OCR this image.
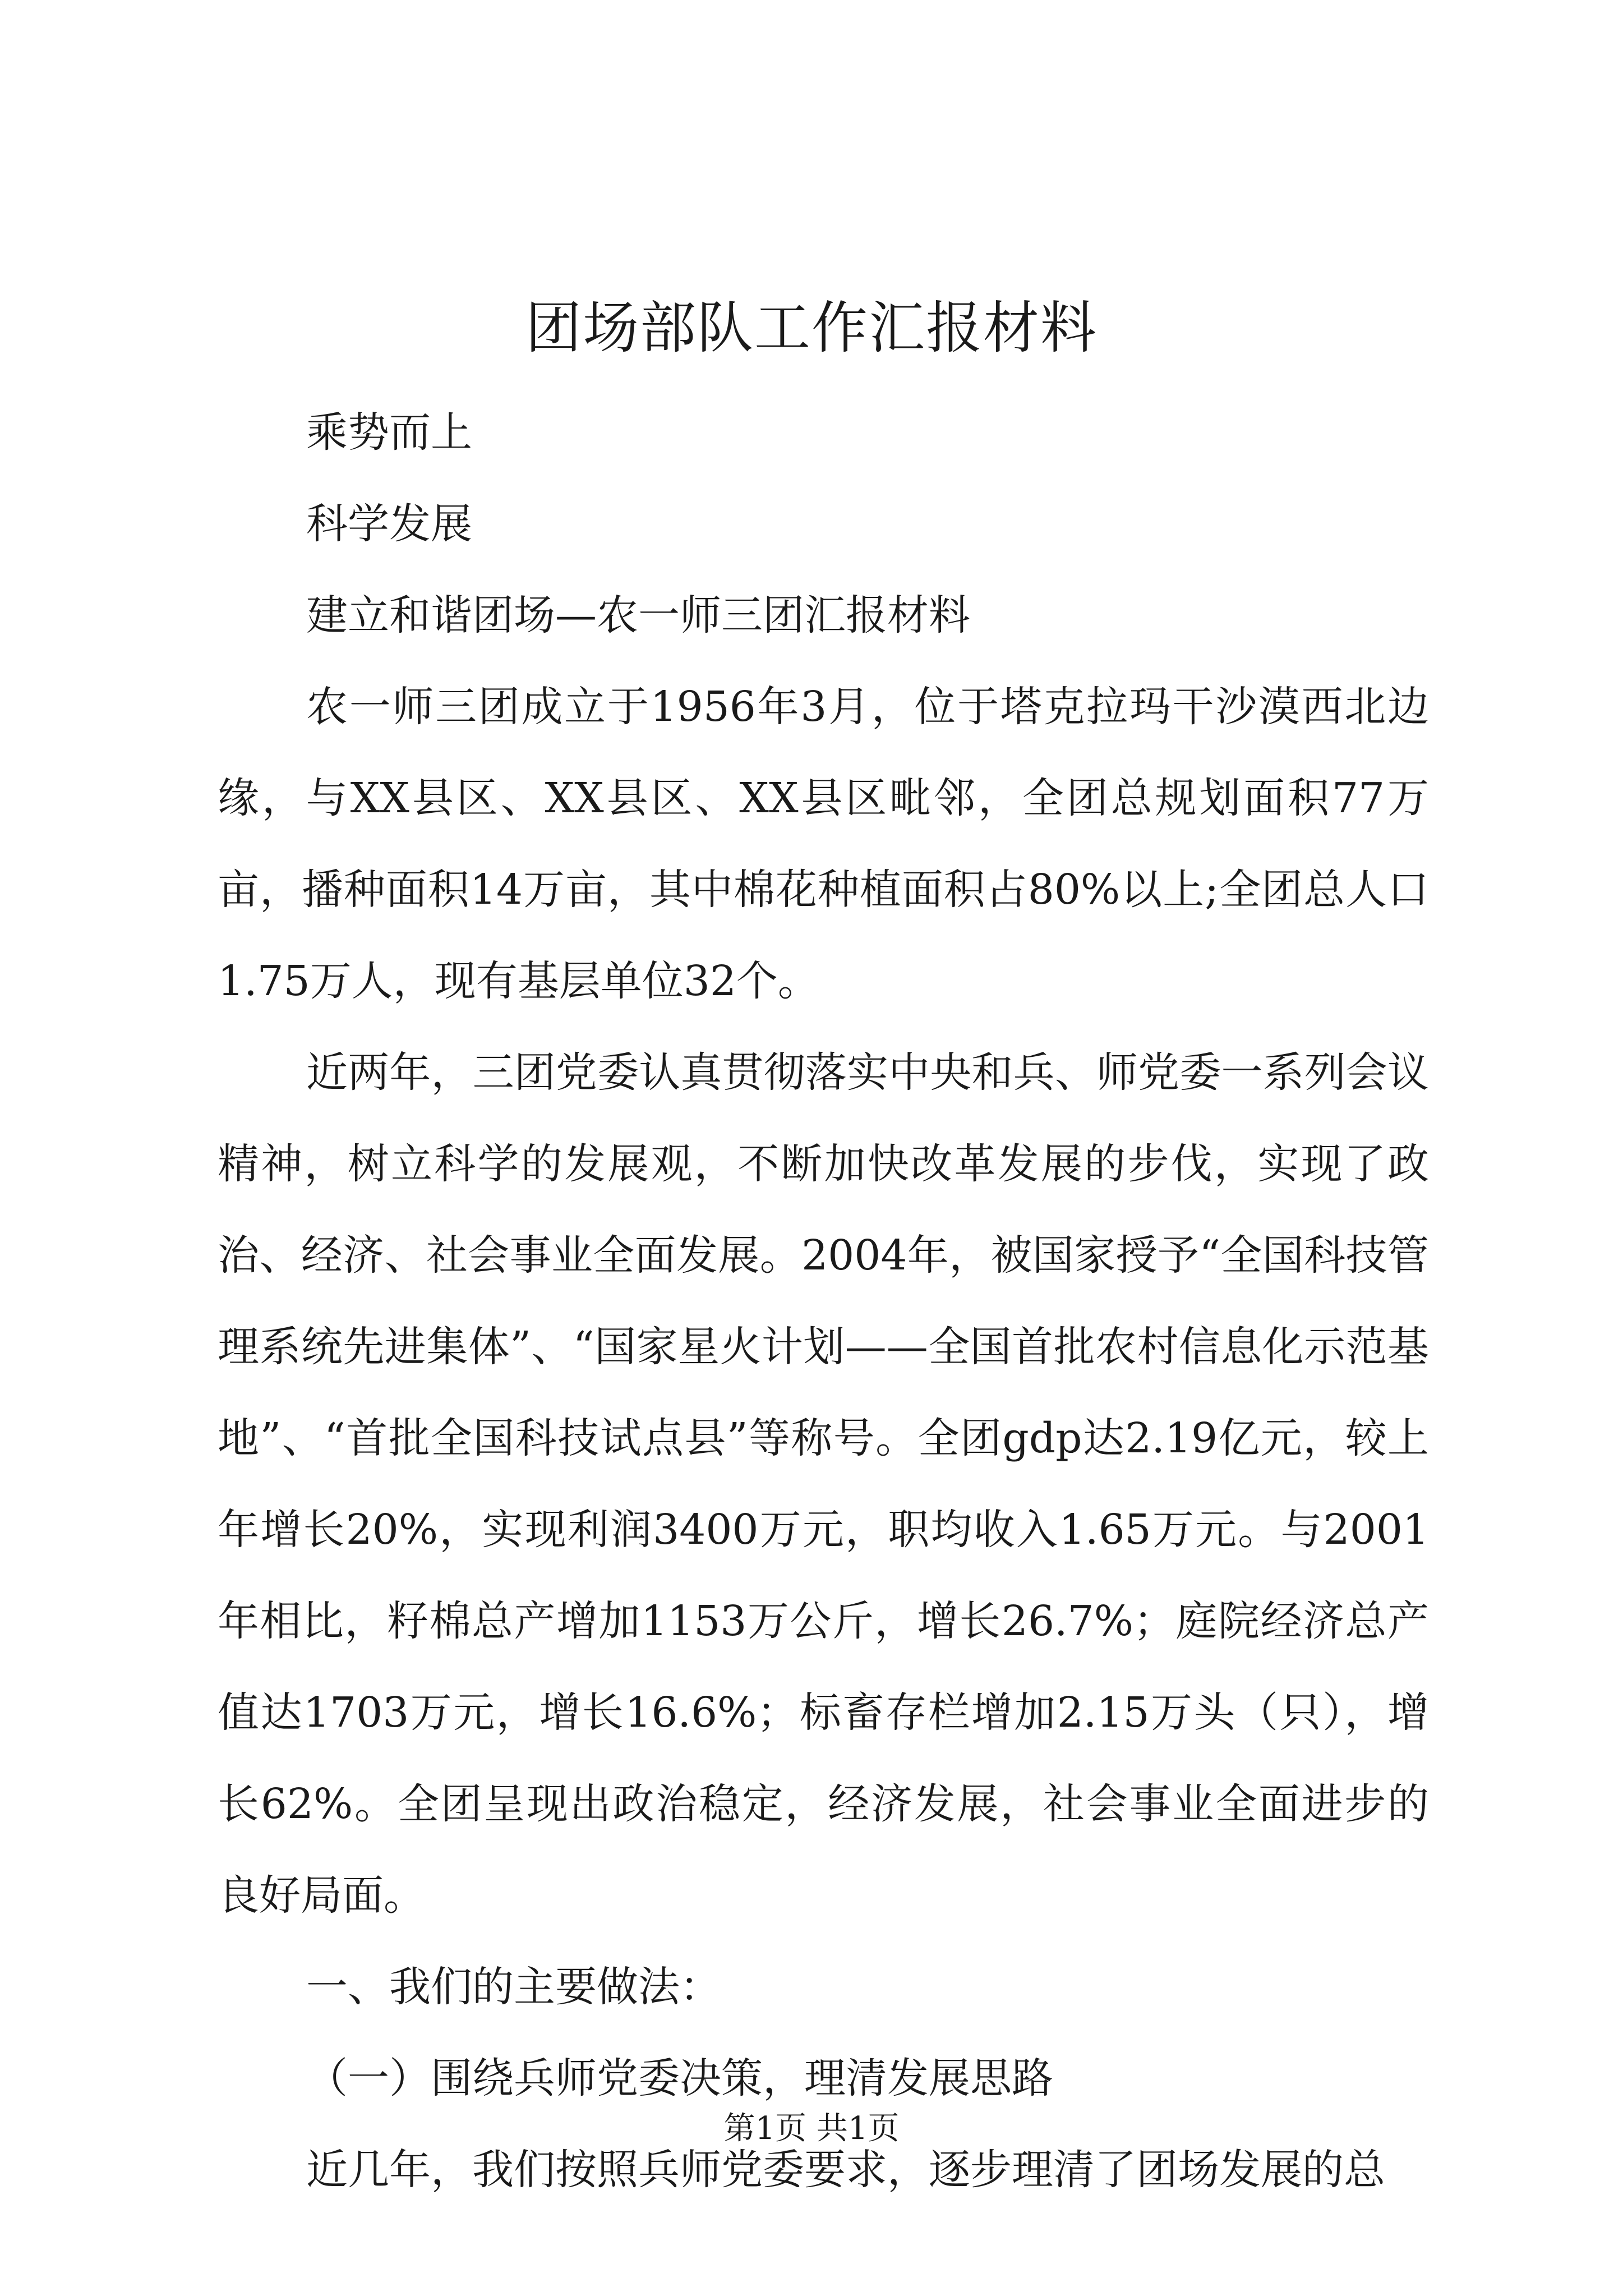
团场部队工作汇报材料

乘势而上

科学发展

建立和谐团场—农一师三团汇报材料

农一师三团成立于1956年3月，位于塔克拉玛干沙漠西北边缘，与XX县区、XX县区、XX县区毗邻，全团总规划面积77万亩，播种面积14万亩，其中棉花种植面积占80%以上;全团总人口1.75万人，现有基层单位32个。

近两年，三团党委认真贯彻落实中央和兵、师党委一系列会议精神，树立科学的发展观，不断加快改革发展的步伐，实现了政治、经济、社会事业全面发展。2004年，被国家授予“全国科技管理系统先进集体”、“国家星火计划——全国首批农村信息化示范基地”、“首批全国科技试点县”等称号。全团gdp达2.19亿元，较上年增长20%，实现利润3400万元，职均收入1.65万元。与2001年相比，籽棉总产增加1153万公斤，增长26.7%；庭院经济总产值达1703万元，增长16.6%；标畜存栏增加2.15万头（只），增长62%。全团呈现出政治稳定，经济发展，社会事业全面进步的良好局面。

一、我们的主要做法：

（一）围绕兵师党委决策，理清发展思路

近几年，我们按照兵师党委要求，逐步理清了团场发展的总

第1页 共1页
